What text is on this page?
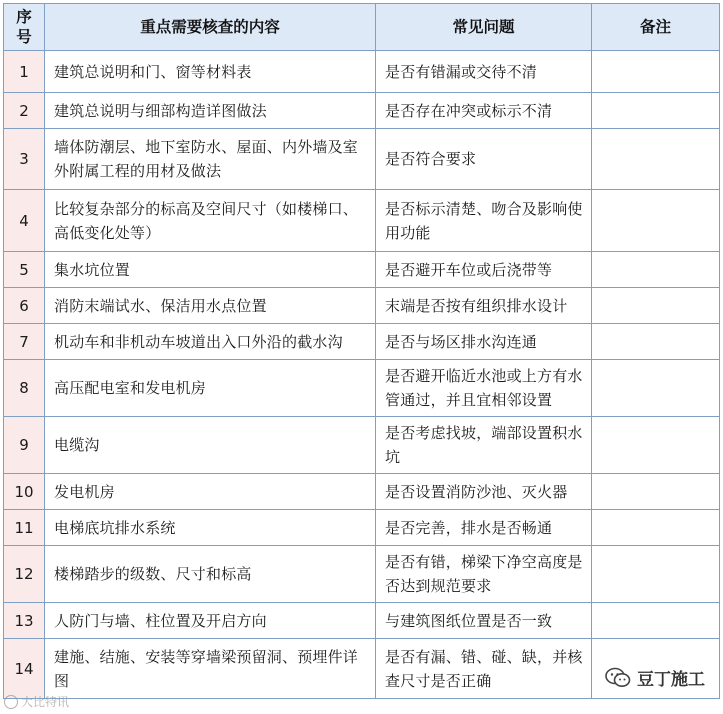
序号	重点需要核查的内容	常见问题	备注
1	建筑总说明和门、窗等材料表	是否有错漏或交待不清	
2	建筑总说明与细部构造详图做法	是否存在冲突或标示不清	
3	墙体防潮层、地下室防水、屋面、内外墙及室外附属工程的用材及做法	是否符合要求	
4	比较复杂部分的标高及空间尺寸（如楼梯口、高低变化处等）	是否标示清楚、吻合及影响使用功能	
5	集水坑位置	是否避开车位或后浇带等	
6	消防末端试水、保洁用水点位置	末端是否按有组织排水设计	
7	机动车和非机动车坡道出入口外沿的截水沟	是否与场区排水沟连通	
8	高压配电室和发电机房	是否避开临近水池或上方有水管通过，并且宜相邻设置	
9	电缆沟	是否考虑找坡，端部设置积水坑	
10	发电机房	是否设置消防沙池、灭火器	
11	电梯底坑排水系统	是否完善，排水是否畅通	
12	楼梯踏步的级数、尺寸和标高	是否有错，梯梁下净空高度是否达到规范要求	
13	人防门与墙、柱位置及开启方向	与建筑图纸位置是否一致	
14	建施、结施、安装等穿墙梁预留洞、预埋件详图	是否有漏、错、碰、缺，并核查尺寸是否正确	
大比特讯
豆丁施工
